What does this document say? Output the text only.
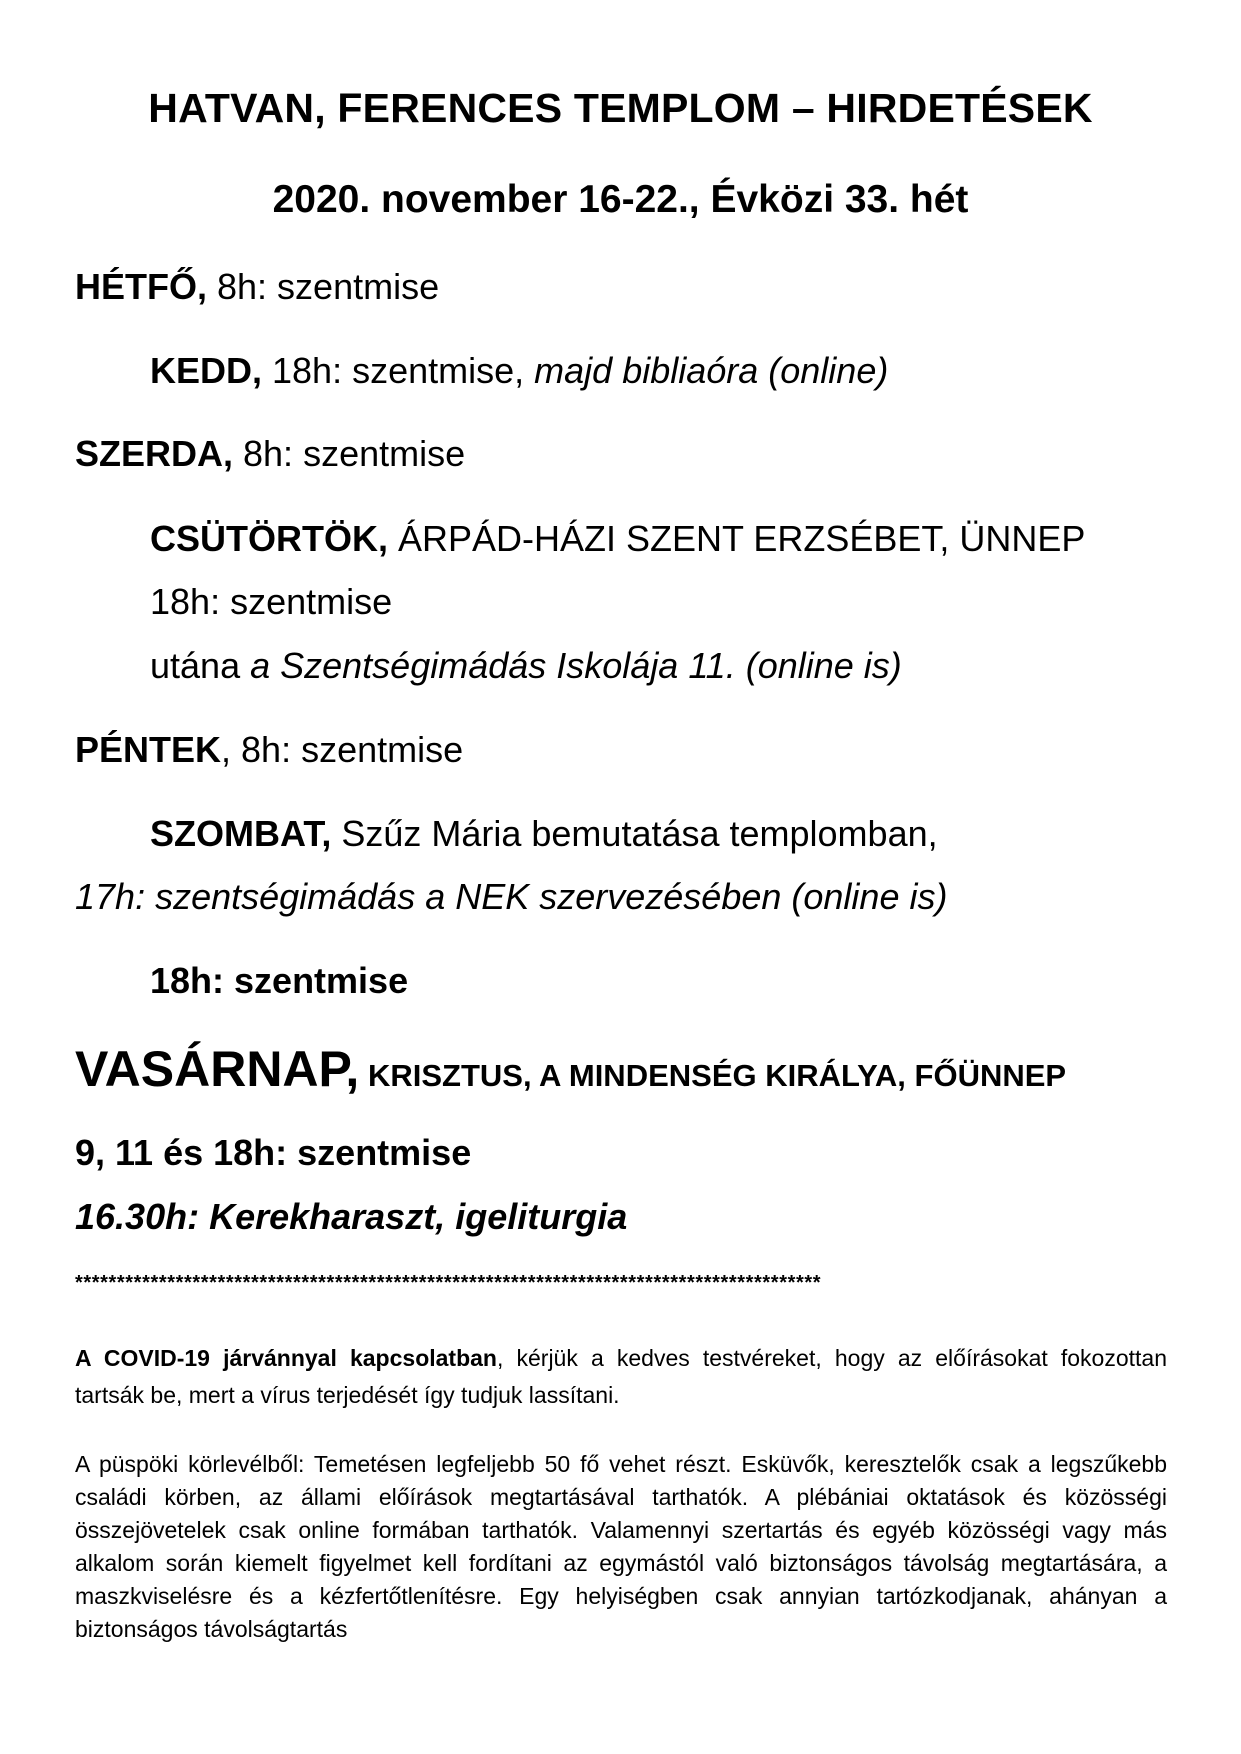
HATVAN, FERENCES TEMPLOM – HIRDETÉSEK
2020. november 16-22., Évközi 33. hét
HÉTFŐ, 8h: szentmise
KEDD, 18h: szentmise, majd bibliaóra (online)
SZERDA, 8h: szentmise
CSÜTÖRTÖK, ÁRPÁD-HÁZI SZENT ERZSÉBET, ÜNNEP
18h: szentmise
utána a Szentségimádás Iskolája 11. (online is)
PÉNTEK, 8h: szentmise
SZOMBAT, Szűz Mária bemutatása templomban,
17h: szentségimádás a NEK szervezésében (online is)
18h: szentmise
VASÁRNAP, KRISZTUS, A MINDENSÉG KIRÁLYA, FŐÜNNEP
9, 11 és 18h: szentmise
16.30h: Kerekharaszt, igeliturgia
*****************************************************************************************
A COVID-19 járvánnyal kapcsolatban, kérjük a kedves testvéreket, hogy az előírásokat fokozottan tartsák be, mert a vírus terjedését így tudjuk lassítani.
A püspöki körlevélből: Temetésen legfeljebb 50 fő vehet részt. Esküvők, keresztelők csak a legszűkebb családi körben, az állami előírások megtartásával tarthatók. A plébániai oktatások és közösségi összejövetelek csak online formában tarthatók. Valamennyi szertartás és egyéb közösségi vagy más alkalom során kiemelt figyelmet kell fordítani az egymástól való biztonságos távolság megtartására, a maszkviselésre és a kézfertőtlenítésre. Egy helyiségben csak annyian tartózkodjanak, ahányan a biztonságos távolságtartás
